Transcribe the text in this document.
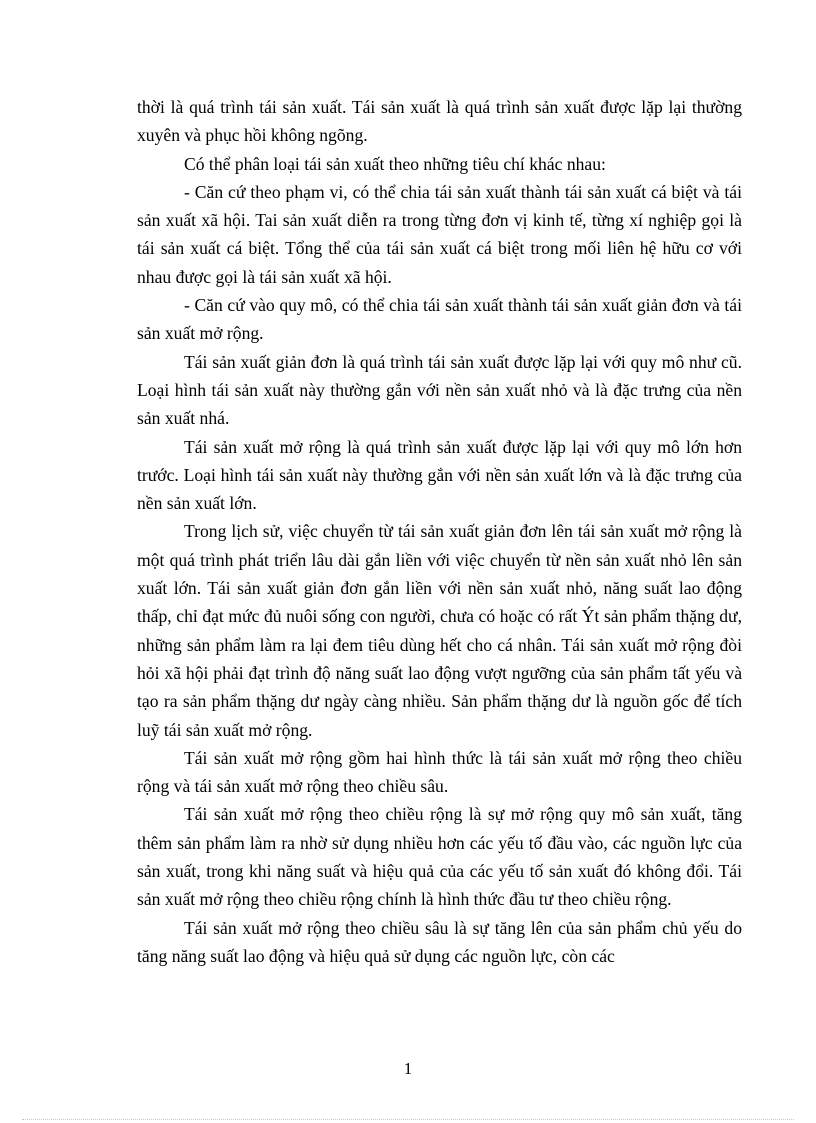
thời là quá trình tái sản xuất. Tái sản xuất là quá trình sản xuất được lặp lại thường xuyên và phục hồi không ngõng.

Có thể phân loại tái sản xuất theo những tiêu chí khác nhau:

- Căn cứ theo phạm vi, có thể chia tái sản xuất thành tái sản xuất cá biệt và tái sản xuất xã hội. Tai sản xuất diễn ra trong từng đơn vị kinh tế, từng xí nghiệp gọi là tái sản xuất cá biệt. Tổng thể của tái sản xuất cá biệt trong mối liên hệ hữu cơ với nhau được gọi là tái sản xuất xã hội.

- Căn cứ vào quy mô, có thể chia tái sản xuất thành tái sản xuất giản đơn và tái sản xuất mở rộng.

Tái sản xuất giản đơn là quá trình tái sản xuất được lặp lại với quy mô như cũ. Loại hình tái sản xuất này thường gắn với nền sản xuất nhỏ và là đặc trưng của nền sản xuất nhá.

Tái sản xuất mở rộng là quá trình sản xuất được lặp lại với quy mô lớn hơn trước. Loại hình tái sản xuất này thường gắn với nền sản xuất lớn và là đặc trưng của nền sản xuất lớn.

Trong lịch sử, việc chuyển từ tái sản xuất giản đơn lên tái sản xuất mở rộng là một quá trình phát triển lâu dài gắn liền với việc chuyển từ nền sản xuất nhỏ lên sản xuất lớn. Tái sản xuất giản đơn gắn liền với nền sản xuất nhỏ, năng suất lao động thấp, chỉ đạt mức đủ nuôi sống con người, chưa có hoặc có rất Ýt sản phẩm thặng dư, những sản phẩm làm ra lại đem tiêu dùng hết cho cá nhân. Tái sản xuất mở rộng đòi hỏi xã hội phải đạt trình độ năng suất lao động vượt ngưỡng của sản phẩm tất yếu và tạo ra sản phẩm thặng dư ngày càng nhiều. Sản phẩm thặng dư là nguồn gốc để tích luỹ tái sản xuất mở rộng.

Tái sản xuất mở rộng gồm hai hình thức là tái sản xuất mở rộng theo chiều rộng và tái sản xuất mở rộng theo chiều sâu.

Tái sản xuất mở rộng theo chiều rộng là sự mở rộng quy mô sản xuất, tăng thêm sản phẩm làm ra nhờ sử dụng nhiều hơn các yếu tố đầu vào, các nguồn lực của sản xuất, trong khi năng suất và hiệu quả của các yếu tố sản xuất đó không đổi. Tái sản xuất mở rộng theo chiều rộng chính là hình thức đầu tư theo chiều rộng.

Tái sản xuất mở rộng theo chiều sâu là sự tăng lên của sản phẩm chủ yếu do tăng năng suất lao động và hiệu quả sử dụng các nguồn lực, còn các

1
